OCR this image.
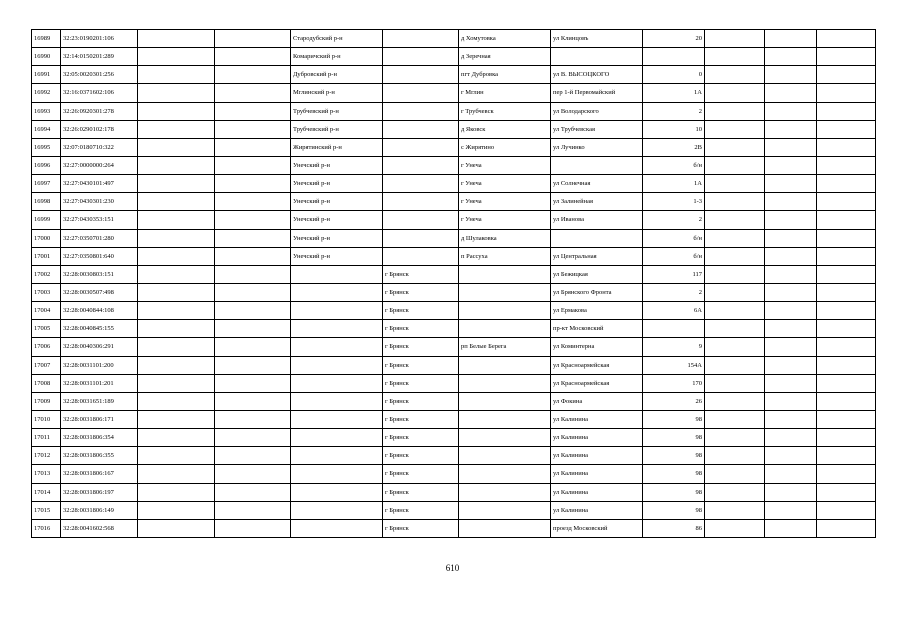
16989	32:23:0190201:106			Стародубский р-н		д Хомутовка	ул Клинцовъ	20			
16990	32:14:0150201:289			Комаричский р-н		д Зеречная					
16991	32:05:0020301:256			Дубровский р-н		пгт Дубровка	ул В. ВЫСОЦКОГО	0			
16992	32:16:0371602:106			Мглинский р-н		г Мглин	пер 1-й Первомайский	1А			
16993	32:26:0920301:278			Трубчевский р-н		г Трубчевск	ул Володарского	2			
16994	32:26:0290102:178			Трубчевский р-н		д Яковск	ул Трубчевская	10			
16995	32:07:0180710:322			Жирятинский р-н		с Жирятино	ул Лучинко	2В			
16996	32:27:0000000:264			Унечский р-н		г Унеча		б/н			
16997	32:27:0430101:497			Унечский р-н		г Унеча	ул Солнечная	1А			
16998	32:27:0430301:230			Унечский р-н		г Унеча	ул Залинейная	1-3			
16999	32:27:0430353:151			Унечский р-н		г Унеча	ул Иванова	2			
17000	32:27:0350701:280			Унечский р-н		д Шулаковка		б/н			
17001	32:27:0350801:640			Унечский р-н		п Рассуха	ул Центральная	б/н			
17002	32:28:0030803:151				г Брянск		ул Бежицкая	117			
17003	32:28:0030507:498				г Брянск		ул Брянского Фронта	2			
17004	32:28:0040844:108				г Брянск		ул Ермакова	6А			
17005	32:28:0040845:155				г Брянск		пр-кт Московский				
17006	32:28:0040306:291				г Брянск	рп Белые Берега	ул Коминтерна	9			
17007	32:28:0031101:200				г Брянск		ул Красноармейская	154А			
17008	32:28:0031101:201				г Брянск		ул Красноармейская	170			
17009	32:28:0031651:189				г Брянск		ул Фокина	26			
17010	32:28:0031806:171				г Брянск		ул Калинина	98			
17011	32:28:0031806:354				г Брянск		ул Калинина	98			
17012	32:28:0031806:355				г Брянск		ул Калинина	98			
17013	32:28:0031806:167				г Брянск		ул Калинина	98			
17014	32:28:0031806:197				г Брянск		ул Калинина	98			
17015	32:28:0031806:149				г Брянск		ул Калинина	98			
17016	32:28:0041602:568				г Брянск		проезд Московский	86			
610
